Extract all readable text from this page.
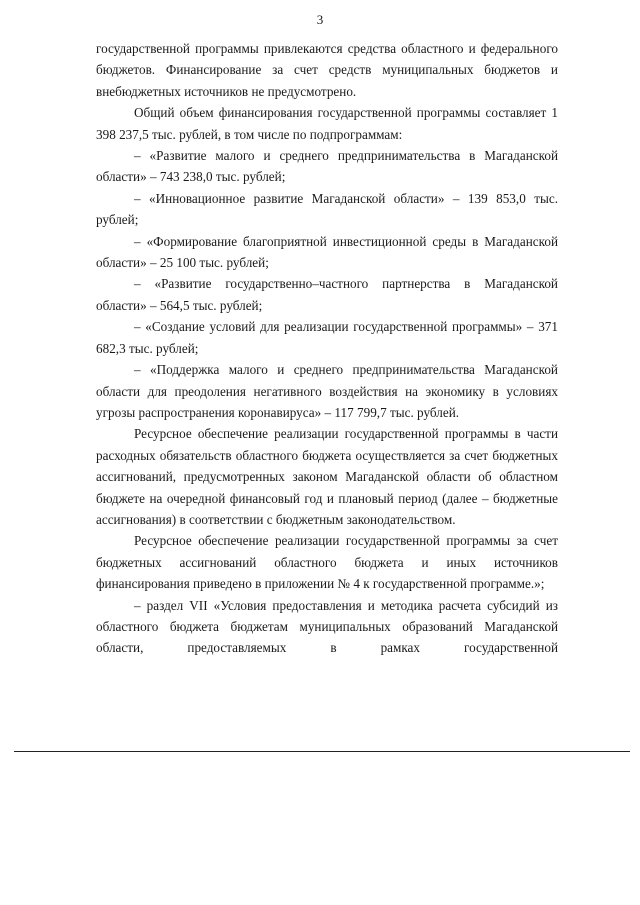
3

государственной программы привлекаются средства областного и федерального бюджетов. Финансирование за счет средств муниципальных бюджетов и внебюджетных источников не предусмотрено.

Общий объем финансирования государственной программы составляет 1 398 237,5 тыс. рублей, в том числе по подпрограммам:

– «Развитие малого и среднего предпринимательства в Магаданской области» – 743 238,0 тыс. рублей;

– «Инновационное развитие Магаданской области» – 139 853,0 тыс. рублей;

– «Формирование благоприятной инвестиционной среды в Магаданской области» – 25 100 тыс. рублей;

– «Развитие государственно–частного партнерства в Магаданской области» – 564,5 тыс. рублей;

– «Создание условий для реализации государственной программы» – 371 682,3 тыс. рублей;

– «Поддержка малого и среднего предпринимательства Магаданской области для преодоления негативного воздействия на экономику в условиях угрозы распространения коронавируса» – 117 799,7 тыс. рублей.

Ресурсное обеспечение реализации государственной программы в части расходных обязательств областного бюджета осуществляется за счет бюджетных ассигнований, предусмотренных законом Магаданской области об областном бюджете на очередной финансовый год и плановый период (далее – бюджетные ассигнования) в соответствии с бюджетным законодательством.

Ресурсное обеспечение реализации государственной программы за счет бюджетных ассигнований областного бюджета и иных источников финансирования приведено в приложении № 4 к государственной программе.»;

– раздел VII «Условия предоставления и методика расчета субсидий из областного бюджета бюджетам муниципальных образований Магаданской области, предоставляемых в рамках государственной
